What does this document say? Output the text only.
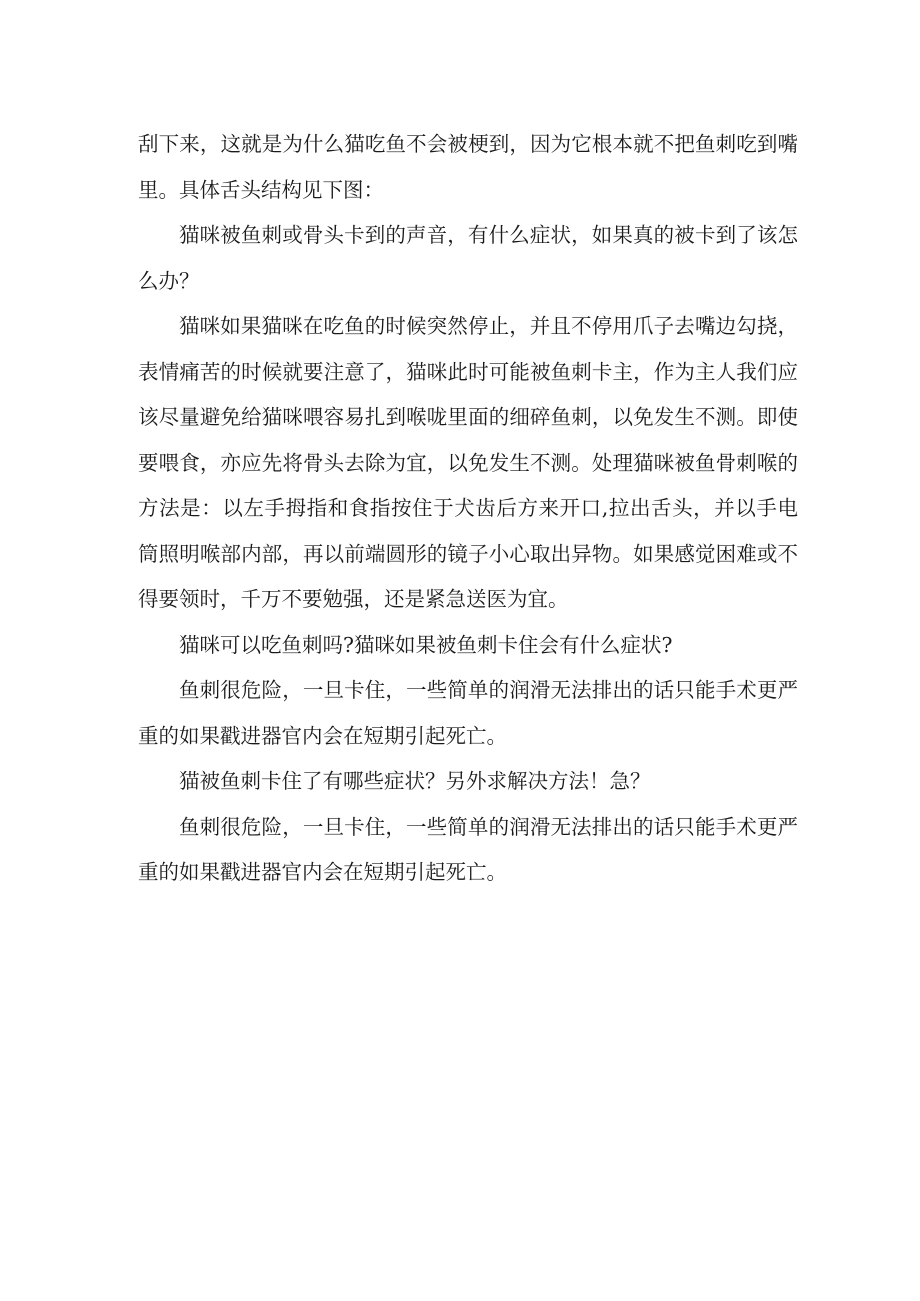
刮下来，这就是为什么猫吃鱼不会被梗到，因为它根本就不把鱼刺吃到嘴里。具体舌头结构见下图：

猫咪被鱼刺或骨头卡到的声音，有什么症状，如果真的被卡到了该怎么办？

猫咪如果猫咪在吃鱼的时候突然停止，并且不停用爪子去嘴边勾挠，表情痛苦的时候就要注意了，猫咪此时可能被鱼刺卡主，作为主人我们应该尽量避免给猫咪喂容易扎到喉咙里面的细碎鱼刺，以免发生不测。即使要喂食，亦应先将骨头去除为宜，以免发生不测。处理猫咪被鱼骨刺喉的方法是：以左手拇指和食指按住于犬齿后方来开口,拉出舌头，并以手电筒照明喉部内部，再以前端圆形的镜子小心取出异物。如果感觉困难或不得要领时，千万不要勉强，还是紧急送医为宜。

猫咪可以吃鱼刺吗?猫咪如果被鱼刺卡住会有什么症状?

鱼刺很危险，一旦卡住，一些简单的润滑无法排出的话只能手术更严重的如果戳进器官内会在短期引起死亡。

猫被鱼刺卡住了有哪些症状？另外求解决方法！急？

鱼刺很危险，一旦卡住，一些简单的润滑无法排出的话只能手术更严重的如果戳进器官内会在短期引起死亡。
